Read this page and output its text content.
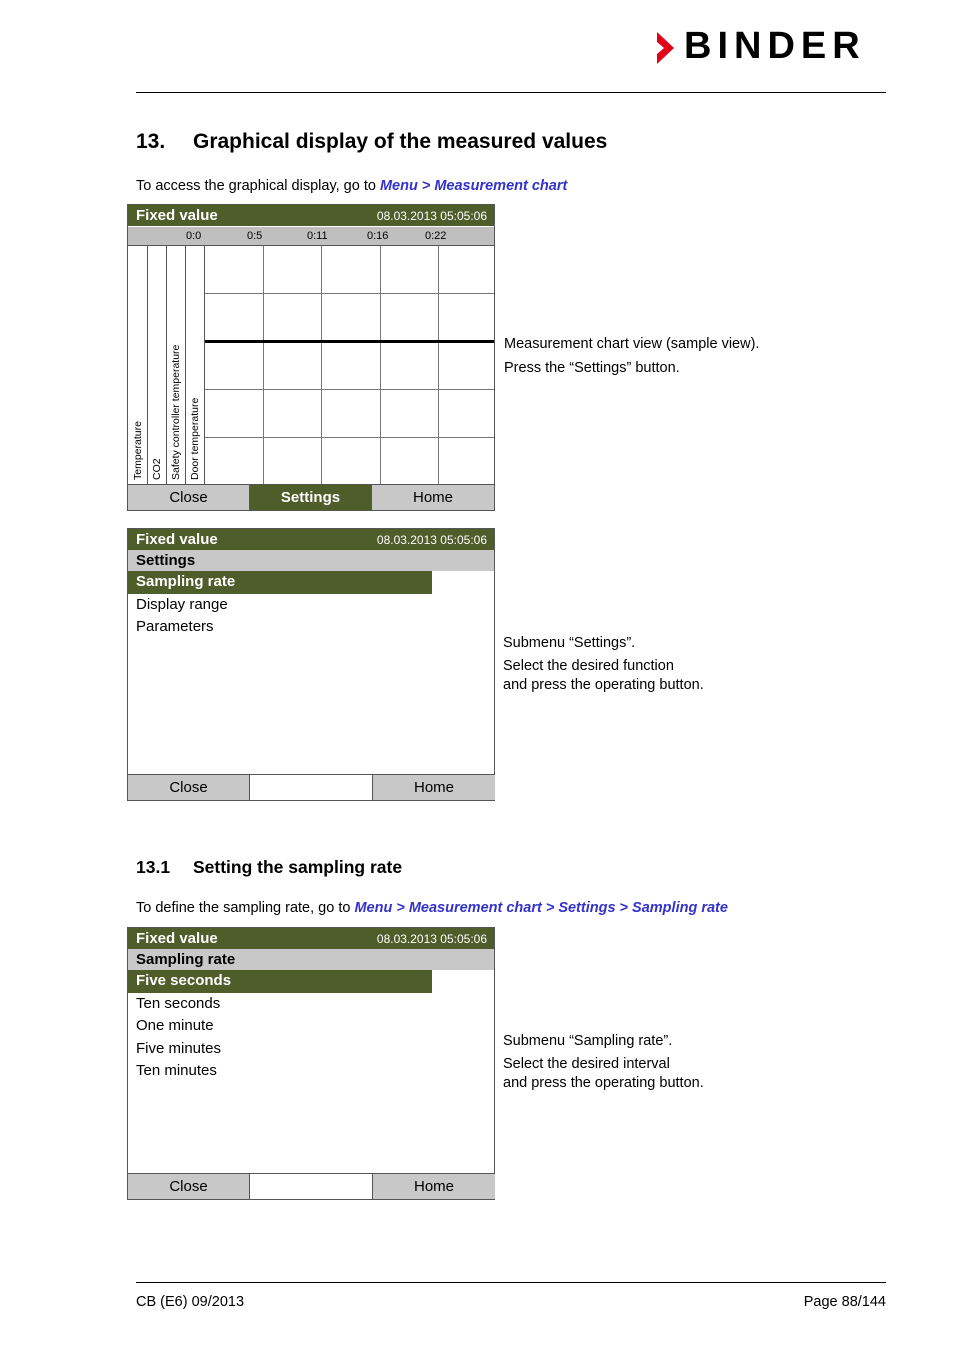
BINDER
13. Graphical display of the measured values
To access the graphical display, go to Menu > Measurement chart
Fixed value	08.03.2013 05:05:06
0:0	0:5	0:11	0:16	0:22
Temperature CO2 Safety controller temperature Door temperature
Close	Settings	Home
Measurement chart view (sample view).
Press the “Settings” button.
Fixed value	08.03.2013 05:05:06
Settings
Sampling rate
Display range
Parameters
Close	Home
Submenu “Settings”.
Select the desired function
and press the operating button.
13.1 Setting the sampling rate
To define the sampling rate, go to Menu > Measurement chart > Settings > Sampling rate
Fixed value	08.03.2013 05:05:06
Sampling rate
Five seconds
Ten seconds
One minute
Five minutes
Ten minutes
Close	Home
Submenu “Sampling rate”.
Select the desired interval
and press the operating button.
CB (E6) 09/2013	Page 88/144
